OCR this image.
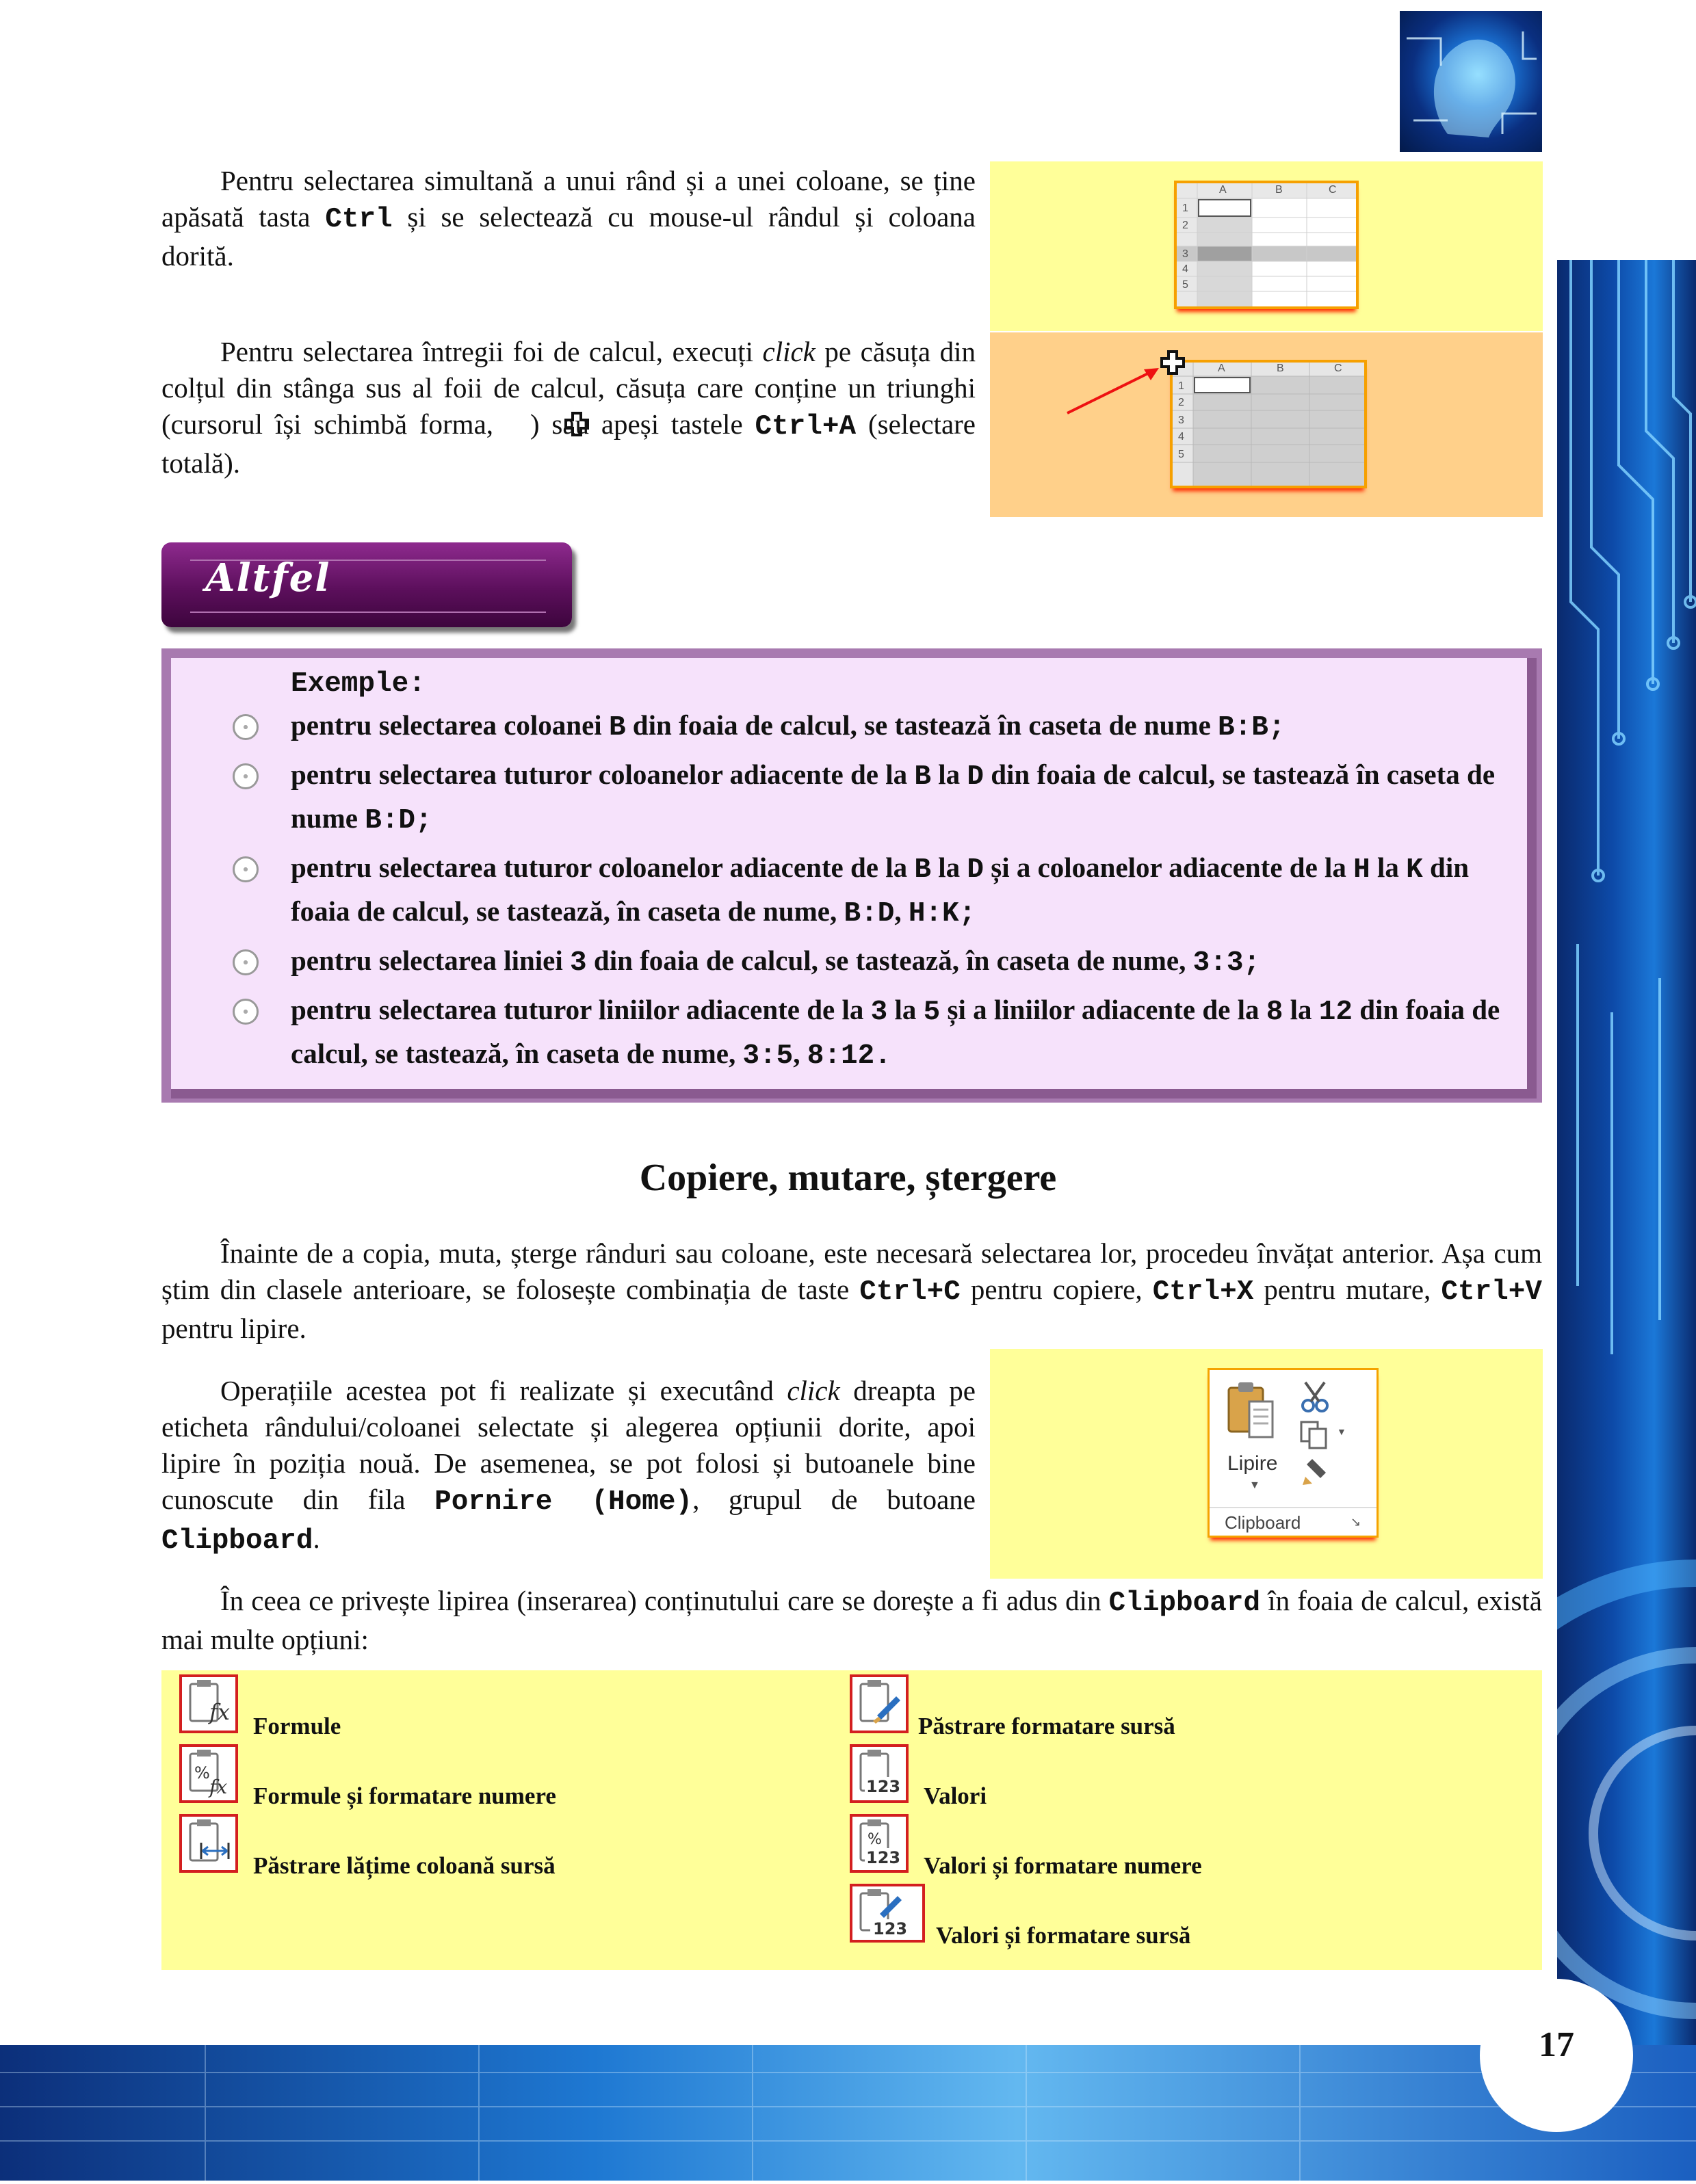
17

Pentru selectarea simultană a unui rând și a unei coloane, se ține apăsată tasta Ctrl și se selectează cu mouse-ul rândul și coloana dorită.

A	B	C
1
2
3
4
5

Pentru selectarea întregii foi de calcul, execuți click pe căsuța din colțul din stânga sus al foii de calcul, căsuța care conține un triunghi (cursorul își schimbă forma, ) sau apeși tastele Ctrl+A (selectare totală).

A	B	C
1
2
3
4
5
Altfel
Exemple:
pentru selectarea coloanei B din foaia de calcul, se tastează în caseta de nume B:B;
pentru selectarea tuturor coloanelor adiacente de la B la D din foaia de calcul, se tastează în caseta de nume B:D;
pentru selectarea tuturor coloanelor adiacente de la B la D și a coloanelor adiacente de la H la K din foaia de calcul, se tastează, în caseta de nume, B:D, H:K;
pentru selectarea liniei 3 din foaia de calcul, se tastează, în caseta de nume, 3:3;
pentru selectarea tuturor liniilor adiacente de la 3 la 5 și a liniilor adiacente de la 8 la 12 din foaia de calcul, se tastează, în caseta de nume, 3:5, 8:12.
Copiere, mutare, ștergere

Înainte de a copia, muta, șterge rânduri sau coloane, este necesară selectarea lor, procedeu învățat anterior. Așa cum știm din clasele anterioare, se folosește combinația de taste Ctrl+C pentru copiere, Ctrl+X pentru mutare, Ctrl+V pentru lipire.

Operațiile acestea pot fi realizate și executând click dreapta pe eticheta rândului/coloanei selectate și alegerea opțiunii dorite, apoi lipire în poziția nouă. De asemenea, se pot folosi și butoanele bine cunoscute din fila Pornire (Home), grupul de butoane Clipboard.

Lipire
▼
▼
Clipboard	↘

În ceea ce privește lipirea (inserarea) conținutului care se dorește a fi adus din Clipboard în foaia de calcul, există mai multe opțiuni:

fx
Formule
%
fx Formule și formatare numere
Păstrare lățime coloană sursă
Păstrare formatare sursă
123 Valori
%
123 Valori și formatare numere
123 Valori și formatare sursă
